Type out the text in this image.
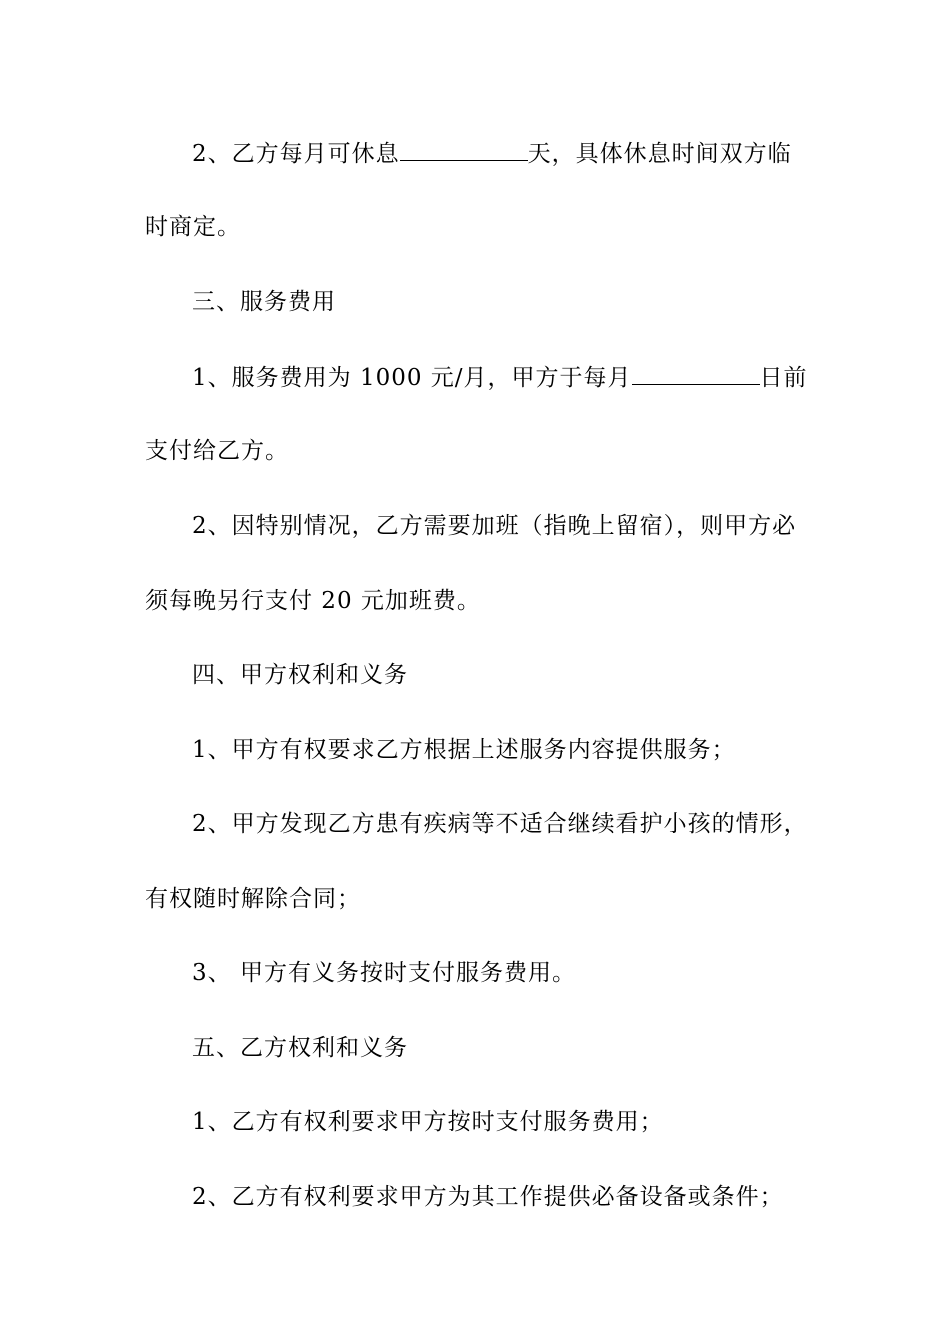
2、乙方每月可休息	天，具体休息时间双方临
时商定。
三、服务费用
1、服务费用为 1000 元/月，甲方于每月	日前
支付给乙方。
2、因特别情况，乙方需要加班（指晚上留宿），则甲方必
须每晚另行支付 20 元加班费。
四、甲方权利和义务
1、甲方有权要求乙方根据上述服务内容提供服务；
2、甲方发现乙方患有疾病等不适合继续看护小孩的情形，
有权随时解除合同；
3、 甲方有义务按时支付服务费用。
五、乙方权利和义务
1、乙方有权利要求甲方按时支付服务费用；
2、乙方有权利要求甲方为其工作提供必备设备或条件；
